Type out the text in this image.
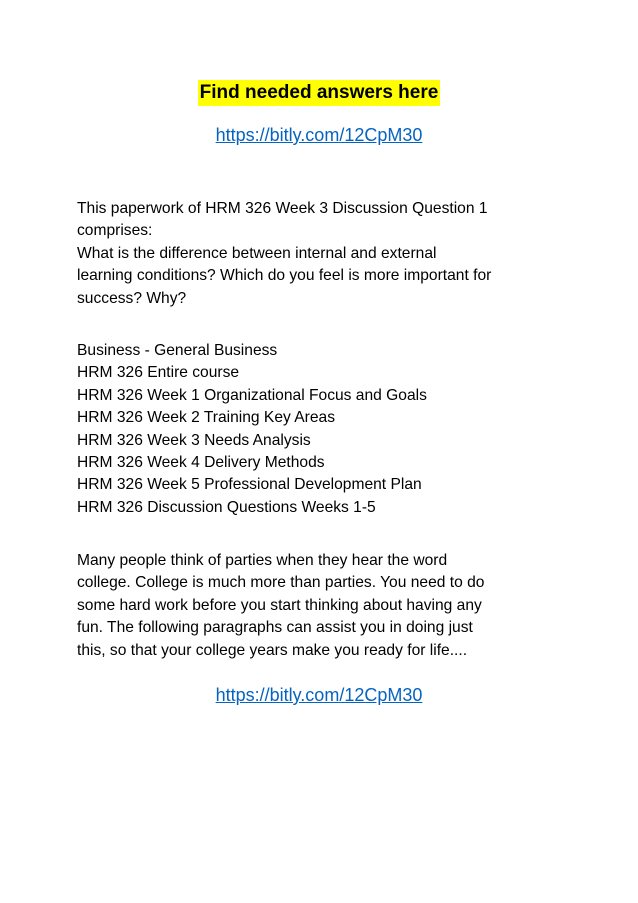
Find needed answers here
https://bitly.com/12CpM30
This paperwork of HRM 326 Week 3 Discussion Question 1
comprises:
What is the difference between internal and external
learning conditions? Which do you feel is more important for
success? Why?
Business - General Business
HRM 326 Entire course
HRM 326 Week 1 Organizational Focus and Goals
HRM 326 Week 2 Training Key Areas
HRM 326 Week 3 Needs Analysis
HRM 326 Week 4 Delivery Methods
HRM 326 Week 5 Professional Development Plan
HRM 326 Discussion Questions Weeks 1-5
Many people think of parties when they hear the word
college. College is much more than parties. You need to do
some hard work before you start thinking about having any
fun. The following paragraphs can assist you in doing just
this, so that your college years make you ready for life....
https://bitly.com/12CpM30
